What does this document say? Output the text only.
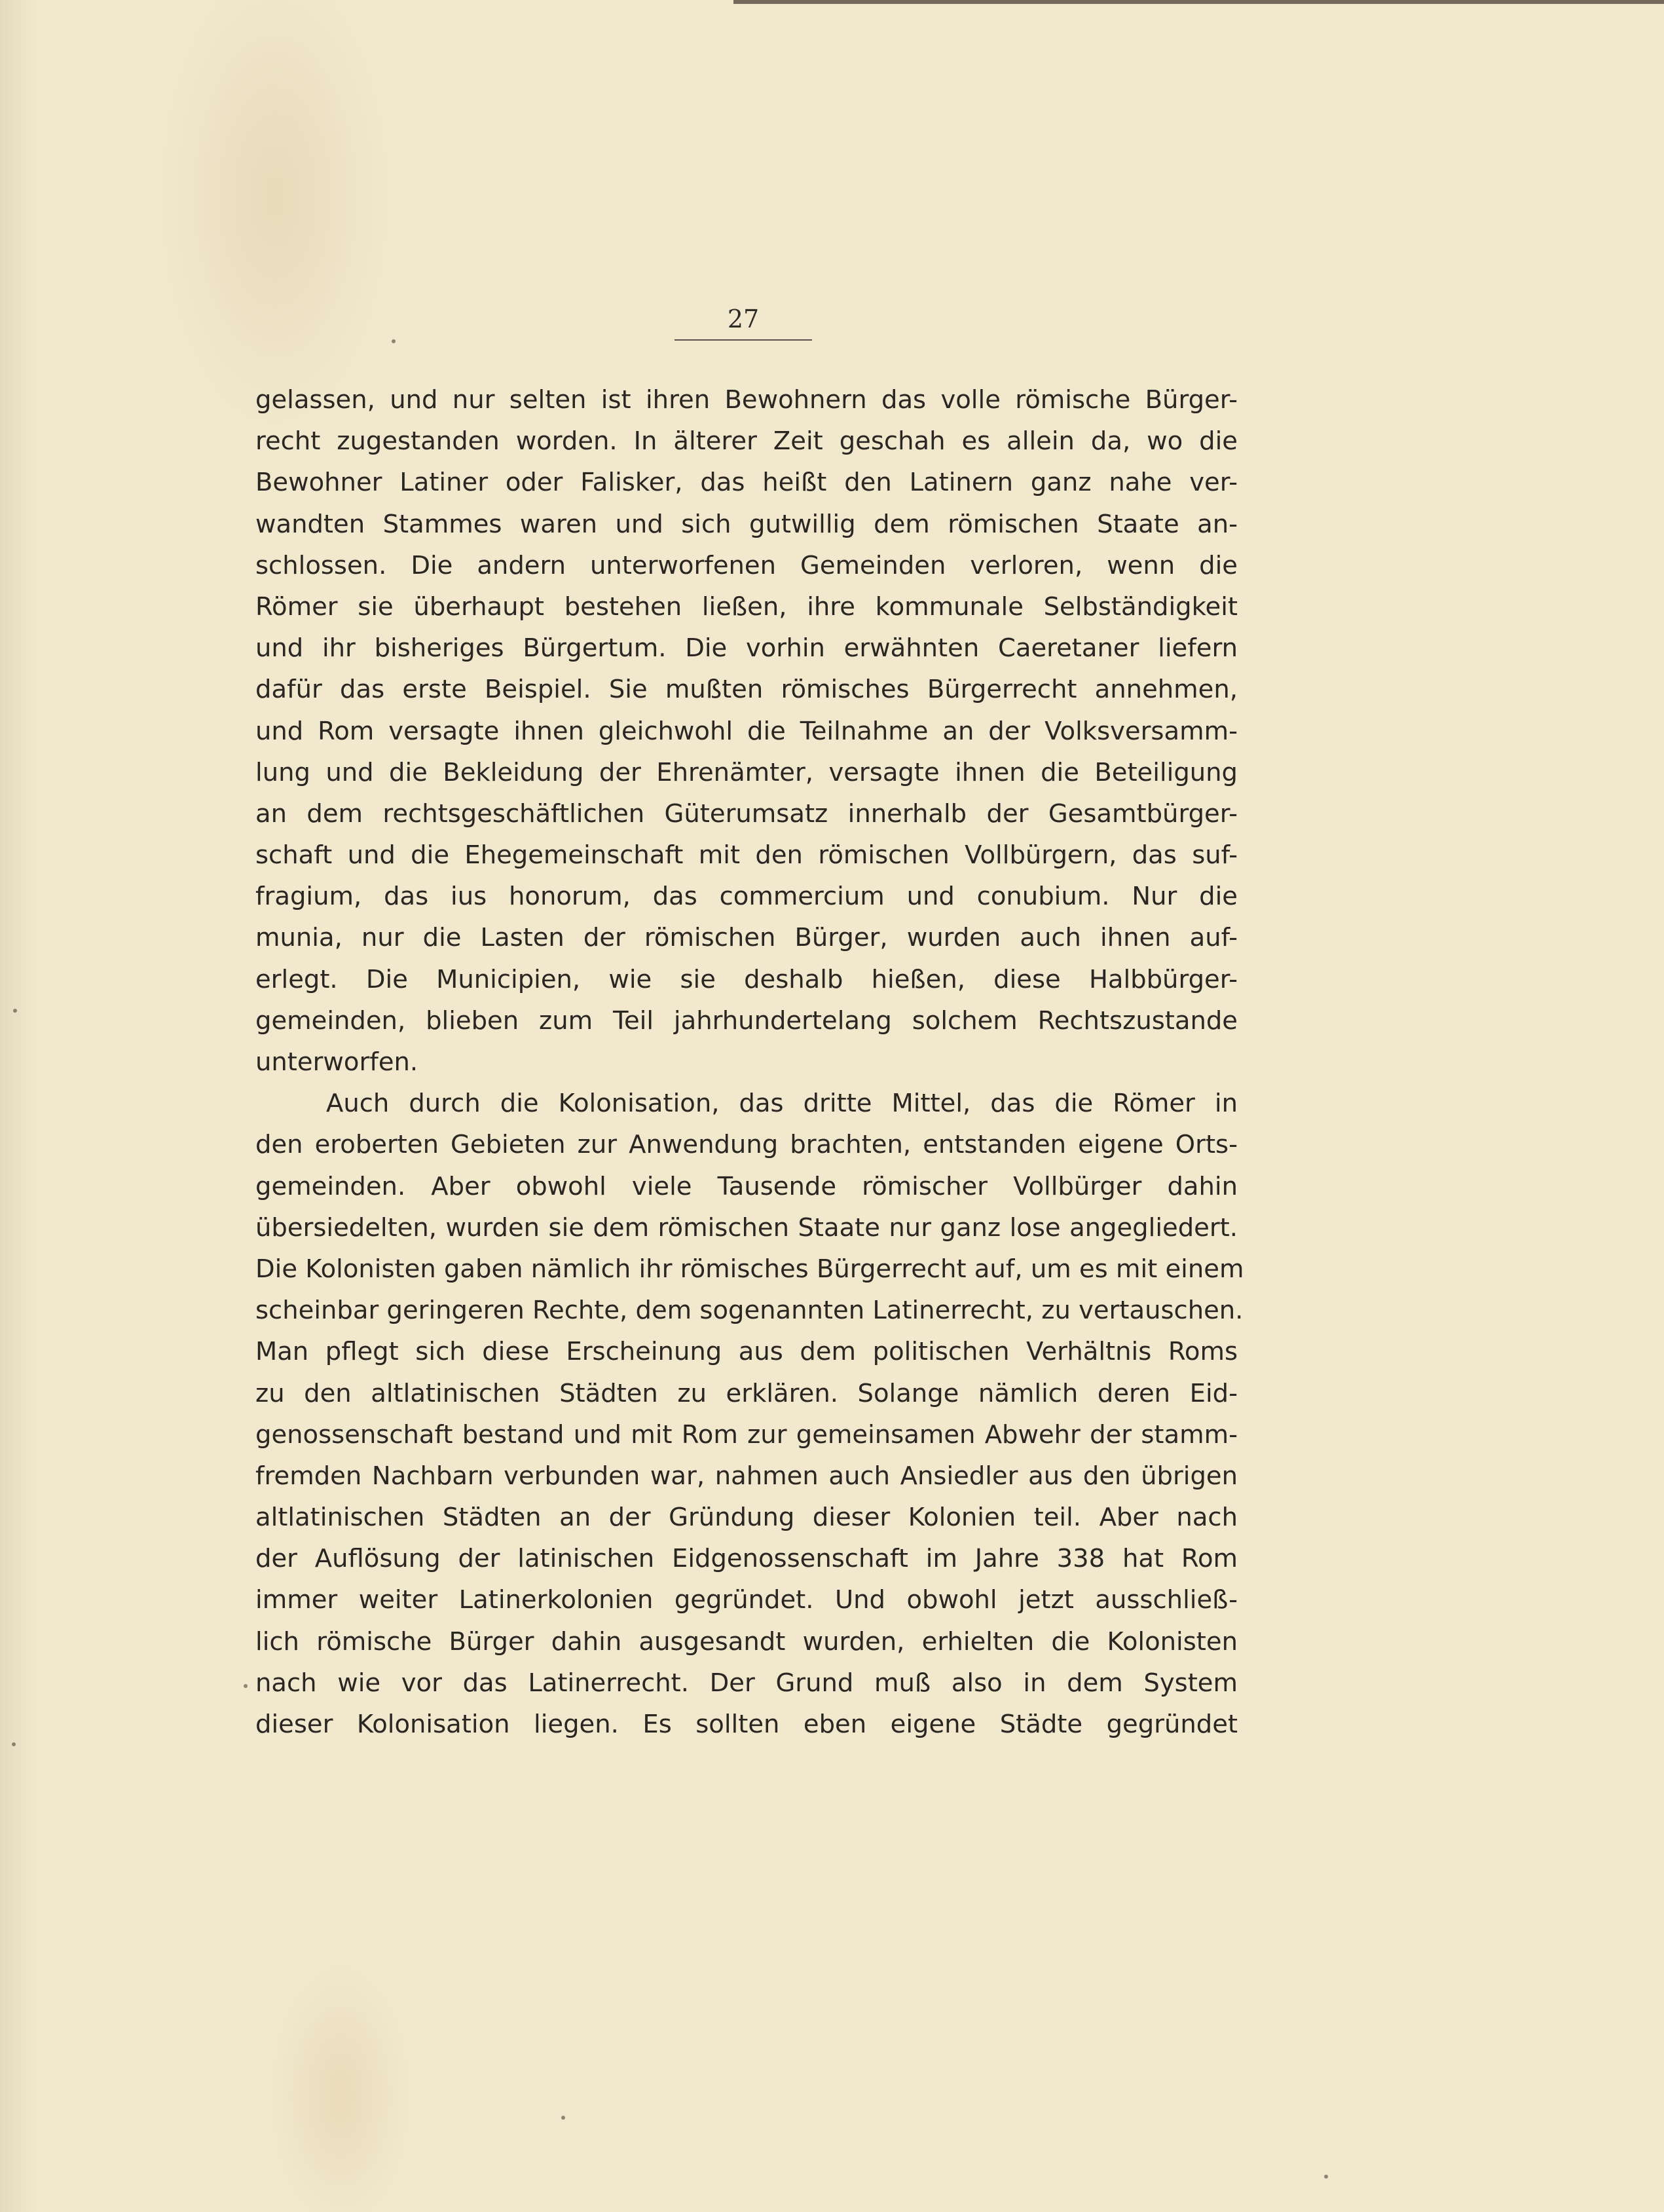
27
gelassen, und nur selten ist ihren Bewohnern das volle römische Bürger-
recht zugestanden worden. In älterer Zeit geschah es allein da, wo die
Bewohner Latiner oder Falisker, das heißt den Latinern ganz nahe ver-
wandten Stammes waren und sich gutwillig dem römischen Staate an-
schlossen. Die andern unterworfenen Gemeinden verloren, wenn die
Römer sie überhaupt bestehen ließen, ihre kommunale Selbständigkeit
und ihr bisheriges Bürgertum. Die vorhin erwähnten Caeretaner liefern
dafür das erste Beispiel. Sie mußten römisches Bürgerrecht annehmen,
und Rom versagte ihnen gleichwohl die Teilnahme an der Volksversamm-
lung und die Bekleidung der Ehrenämter, versagte ihnen die Beteiligung
an dem rechtsgeschäftlichen Güterumsatz innerhalb der Gesamtbürger-
schaft und die Ehegemeinschaft mit den römischen Vollbürgern, das suf-
fragium, das ius honorum, das commercium und conubium. Nur die
munia, nur die Lasten der römischen Bürger, wurden auch ihnen auf-
erlegt. Die Municipien, wie sie deshalb hießen, diese Halbbürger-
gemeinden, blieben zum Teil jahrhundertelang solchem Rechtszustande
unterworfen.
Auch durch die Kolonisation, das dritte Mittel, das die Römer in
den eroberten Gebieten zur Anwendung brachten, entstanden eigene Orts-
gemeinden. Aber obwohl viele Tausende römischer Vollbürger dahin
übersiedelten, wurden sie dem römischen Staate nur ganz lose angegliedert.
Die Kolonisten gaben nämlich ihr römisches Bürgerrecht auf, um es mit einem
scheinbar geringeren Rechte, dem sogenannten Latinerrecht, zu vertauschen.
Man pflegt sich diese Erscheinung aus dem politischen Verhältnis Roms
zu den altlatinischen Städten zu erklären. Solange nämlich deren Eid-
genossenschaft bestand und mit Rom zur gemeinsamen Abwehr der stamm-
fremden Nachbarn verbunden war, nahmen auch Ansiedler aus den übrigen
altlatinischen Städten an der Gründung dieser Kolonien teil. Aber nach
der Auflösung der latinischen Eidgenossenschaft im Jahre 338 hat Rom
immer weiter Latinerkolonien gegründet. Und obwohl jetzt ausschließ-
lich römische Bürger dahin ausgesandt wurden, erhielten die Kolonisten
nach wie vor das Latinerrecht. Der Grund muß also in dem System
dieser Kolonisation liegen. Es sollten eben eigene Städte gegründet
